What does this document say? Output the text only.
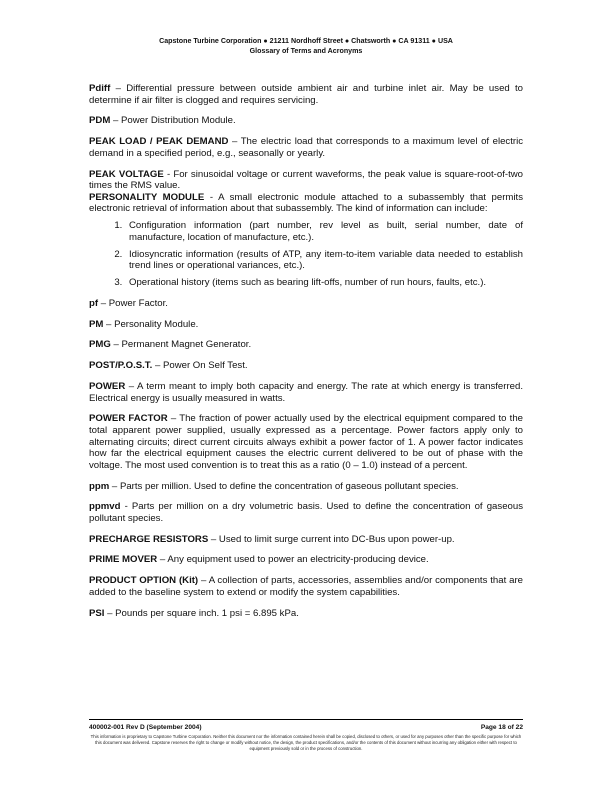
Capstone Turbine Corporation ● 21211 Nordhoff Street ● Chatsworth ● CA 91311 ● USA
Glossary of Terms and Acronyms

Pdiff – Differential pressure between outside ambient air and turbine inlet air. May be used to determine if air filter is clogged and requires servicing.

PDM – Power Distribution Module.

PEAK LOAD / PEAK DEMAND – The electric load that corresponds to a maximum level of electric demand in a specified period, e.g., seasonally or yearly.

PEAK VOLTAGE - For sinusoidal voltage or current waveforms, the peak value is square-root-of-two times the RMS value.

PERSONALITY MODULE - A small electronic module attached to a subassembly that permits electronic retrieval of information about that subassembly. The kind of information can include:

1. Configuration information (part number, rev level as built, serial number, date of manufacture, location of manufacture, etc.).
2. Idiosyncratic information (results of ATP, any item-to-item variable data needed to establish trend lines or operational variances, etc.).
3. Operational history (items such as bearing lift-offs, number of run hours, faults, etc.).

pf – Power Factor.

PM – Personality Module.

PMG – Permanent Magnet Generator.

POST/P.O.S.T. – Power On Self Test.

POWER – A term meant to imply both capacity and energy. The rate at which energy is transferred. Electrical energy is usually measured in watts.

POWER FACTOR – The fraction of power actually used by the electrical equipment compared to the total apparent power supplied, usually expressed as a percentage. Power factors apply only to alternating circuits; direct current circuits always exhibit a power factor of 1. A power factor indicates how far the electrical equipment causes the electric current delivered to be out of phase with the voltage. The most used convention is to treat this as a ratio (0 – 1.0) instead of a percent.

ppm – Parts per million. Used to define the concentration of gaseous pollutant species.

ppmvd - Parts per million on a dry volumetric basis. Used to define the concentration of gaseous pollutant species.

PRECHARGE RESISTORS – Used to limit surge current into DC-Bus upon power-up.

PRIME MOVER – Any equipment used to power an electricity-producing device.

PRODUCT OPTION (Kit) – A collection of parts, accessories, assemblies and/or components that are added to the baseline system to extend or modify the system capabilities.

PSI – Pounds per square inch. 1 psi = 6.895 kPa.

400002-001 Rev D (September 2004)	Page 18 of 22
This information is proprietary to Capstone Turbine Corporation. Neither this document nor the information contained herein shall be copied, disclosed to others, or used for any purposes other than the specific purpose for which this document was delivered. Capstone reserves the right to change or modify without notice, the design, the product specifications, and/or the contents of this document without incurring any obligation either with respect to equipment previously sold or in the process of construction.
